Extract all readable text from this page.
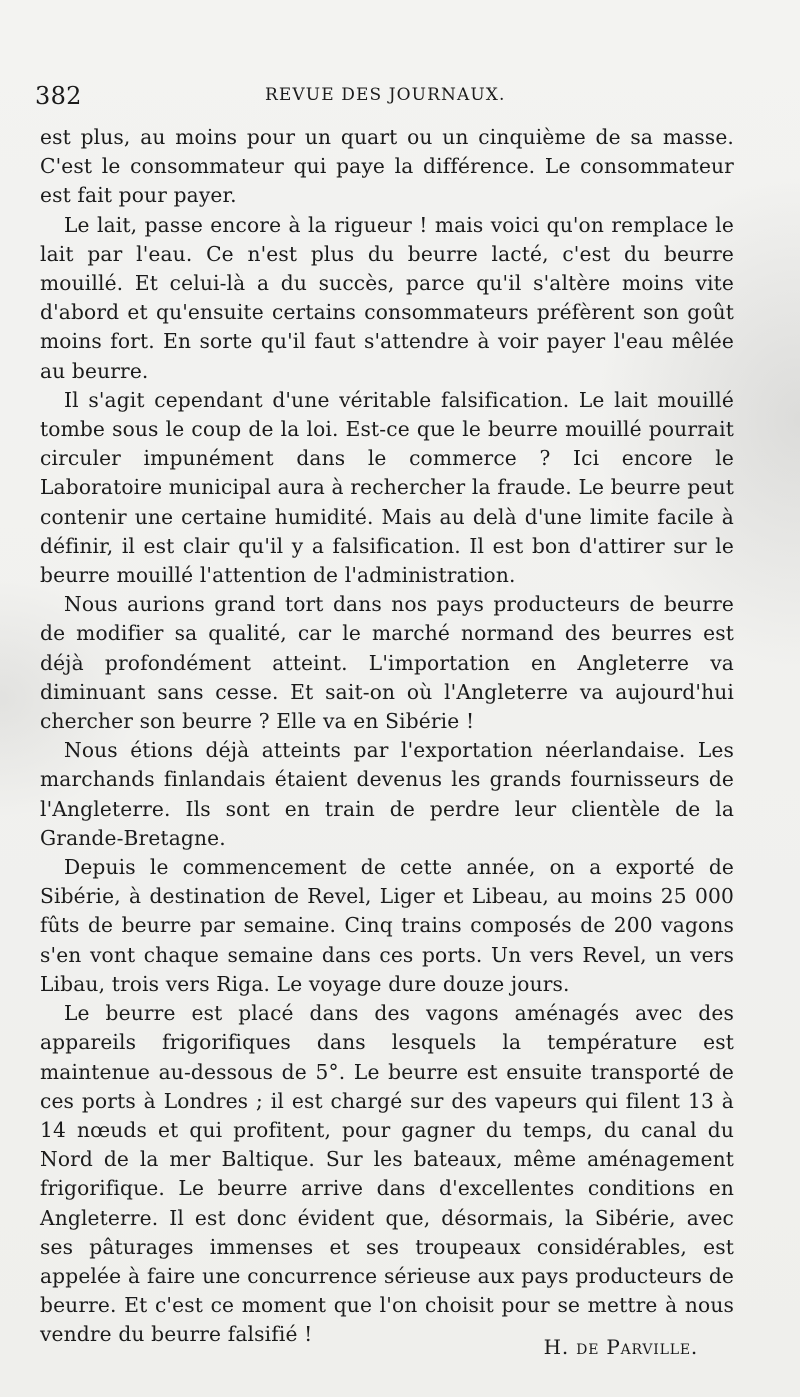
382	REVUE DES JOURNAUX.

est plus, au moins pour un quart ou un cinquième de sa masse. C'est le consommateur qui paye la différence. Le consommateur est fait pour payer.

Le lait, passe encore à la rigueur ! mais voici qu'on remplace le lait par l'eau. Ce n'est plus du beurre lacté, c'est du beurre mouillé. Et celui-là a du succès, parce qu'il s'altère moins vite d'abord et qu'ensuite certains consommateurs préfèrent son goût moins fort. En sorte qu'il faut s'attendre à voir payer l'eau mêlée au beurre.

Il s'agit cependant d'une véritable falsification. Le lait mouillé tombe sous le coup de la loi. Est-ce que le beurre mouillé pourrait circuler impunément dans le commerce ? Ici encore le Laboratoire municipal aura à rechercher la fraude. Le beurre peut contenir une certaine humidité. Mais au delà d'une limite facile à définir, il est clair qu'il y a falsification. Il est bon d'attirer sur le beurre mouillé l'attention de l'administration.

Nous aurions grand tort dans nos pays producteurs de beurre de modifier sa qualité, car le marché normand des beurres est déjà profondément atteint. L'importation en Angleterre va diminuant sans cesse. Et sait-on où l'Angleterre va aujourd'hui chercher son beurre ? Elle va en Sibérie !

Nous étions déjà atteints par l'exportation néerlandaise. Les marchands finlandais étaient devenus les grands fournisseurs de l'Angleterre. Ils sont en train de perdre leur clientèle de la Grande-Bretagne.

Depuis le commencement de cette année, on a exporté de Sibérie, à destination de Revel, Liger et Libeau, au moins 25 000 fûts de beurre par semaine. Cinq trains composés de 200 vagons s'en vont chaque semaine dans ces ports. Un vers Revel, un vers Libau, trois vers Riga. Le voyage dure douze jours.

Le beurre est placé dans des vagons aménagés avec des appareils frigorifiques dans lesquels la température est maintenue au-dessous de 5°. Le beurre est ensuite transporté de ces ports à Londres ; il est chargé sur des vapeurs qui filent 13 à 14 nœuds et qui profitent, pour gagner du temps, du canal du Nord de la mer Baltique. Sur les bateaux, même aménagement frigorifique. Le beurre arrive dans d'excellentes conditions en Angleterre. Il est donc évident que, désormais, la Sibérie, avec ses pâturages immenses et ses troupeaux considérables, est appelée à faire une concurrence sérieuse aux pays producteurs de beurre. Et c'est ce moment que l'on choisit pour se mettre à nous vendre du beurre falsifié !

H. de Parville.
